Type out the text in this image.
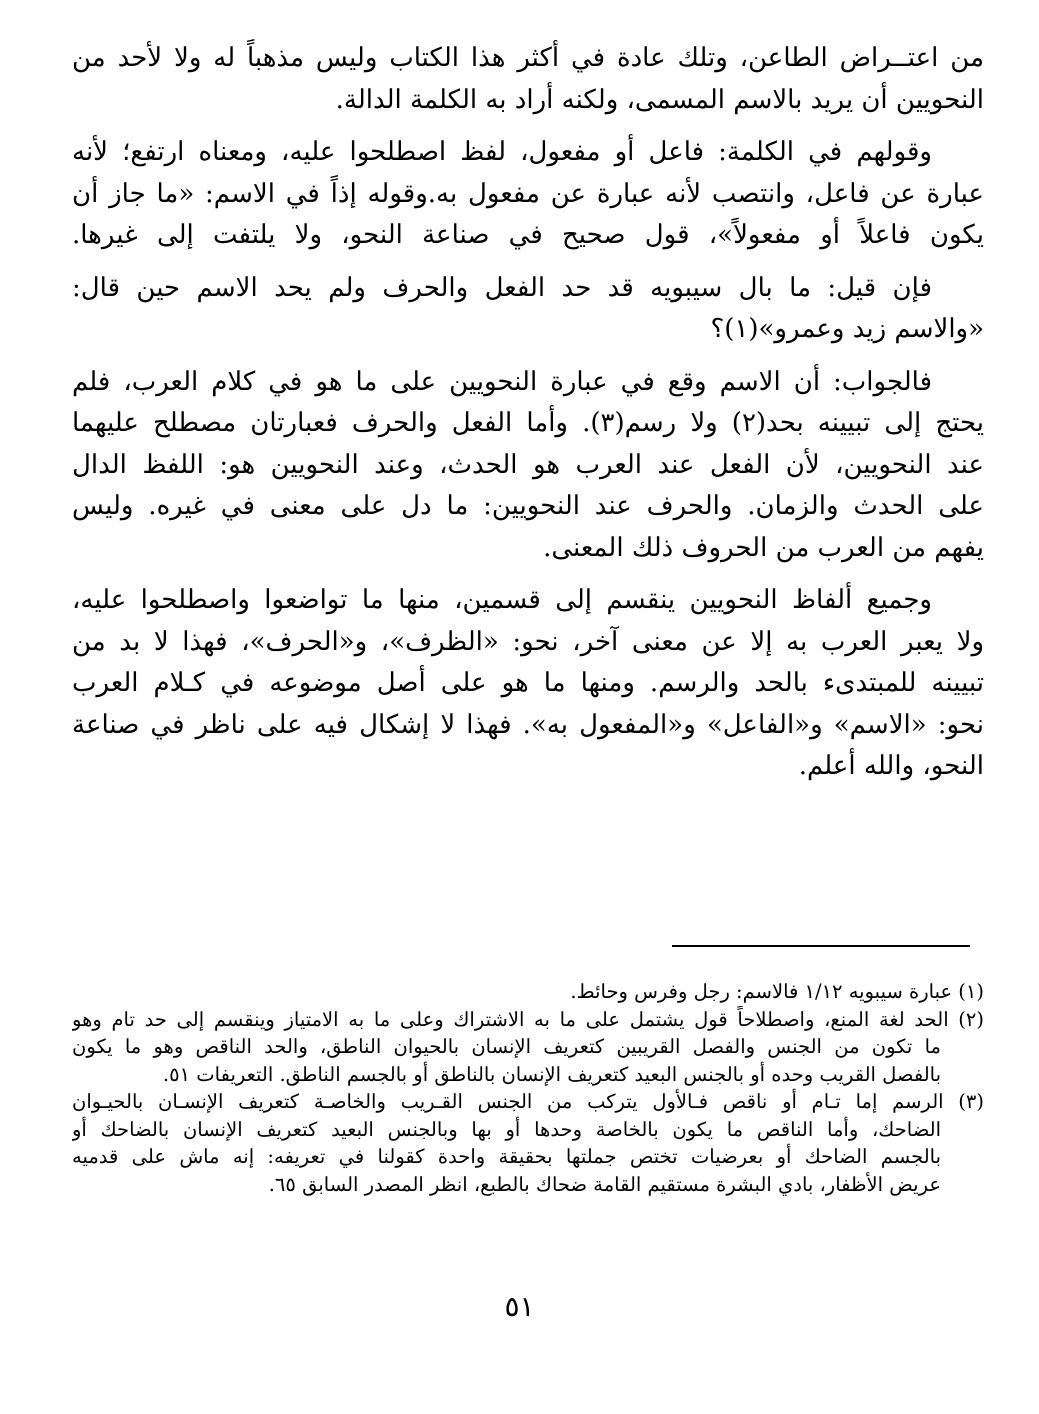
من اعتــراض الطاعن، وتلك عادة في أكثر هذا الكتاب وليس مذهباً له ولا لأحد من
النحويين أن يريد بالاسم المسمى، ولكنه أراد به الكلمة الدالة.

وقولهم في الكلمة: فاعل أو مفعول، لفظ اصطلحوا عليه، ومعناه ارتفع؛ لأنه
عبارة عن فاعل، وانتصب لأنه عبارة عن مفعول به.وقوله إذاً في الاسم: «ما جاز أن
يكون فاعلاً أو مفعولاً»، قول صحيح في صناعة النحو، ولا يلتفت إلى غيرها.

فإن قيل: ما بال سيبويه قد حد الفعل والحرف ولم يحد الاسم حين قال:
«والاسم زيد وعمرو»(١)؟

فالجواب: أن الاسم وقع في عبارة النحويين على ما هو في كلام العرب، فلم
يحتج إلى تبيينه بحد(٢) ولا رسم(٣). وأما الفعل والحرف فعبارتان مصطلح عليهما
عند النحويين، لأن الفعل عند العرب هو الحدث، وعند النحويين هو: اللفظ الدال
على الحدث والزمان. والحرف عند النحويين: ما دل على معنى في غيره. وليس
يفهم من العرب من الحروف ذلك المعنى.

وجميع ألفاظ النحويين ينقسم إلى قسمين، منها ما تواضعوا واصطلحوا عليه،
ولا يعبر العرب به إلا عن معنى آخر، نحو: «الظرف»، و«الحرف»، فهذا لا بد من
تبيينه للمبتدىء بالحد والرسم. ومنها ما هو على أصل موضوعه في كـلام العرب
نحو: «الاسم» و«الفاعل» و«المفعول به». فهذا لا إشكال فيه على ناظر في صناعة
النحو، والله أعلم.

(١) عبارة سيبويه ١/١٢ فالاسم: رجل وفرس وحائط.

(٢) الحد لغة المنع، واصطلاحاً قول يشتمل على ما به الاشتراك وعلى ما به الامتياز وينقسم إلى حد تام وهو
ما تكون من الجنس والفصل القريبين كتعريف الإنسان بالحيوان الناطق، والحد الناقص وهو ما يكون
بالفصل القريب وحده أو بالجنس البعيد كتعريف الإنسان بالناطق أو بالجسم الناطق. التعريفات ٥١.

(٣) الرسم إما تـام أو ناقص فـالأول يتركب من الجنس القـريب والخاصـة كتعريف الإنسـان بالحيـوان
الضاحك، وأما الناقص ما يكون بالخاصة وحدها أو بها وبالجنس البعيد كتعريف الإنسان بالضاحك أو
بالجسم الضاحك أو بعرضيات تختص جملتها بحقيقة واحدة كقولنا في تعريفه: إنه ماش على قدميه
عريض الأظفار، بادي البشرة مستقيم القامة ضحاك بالطبع، انظر المصدر السابق ٦٥.

٥١
